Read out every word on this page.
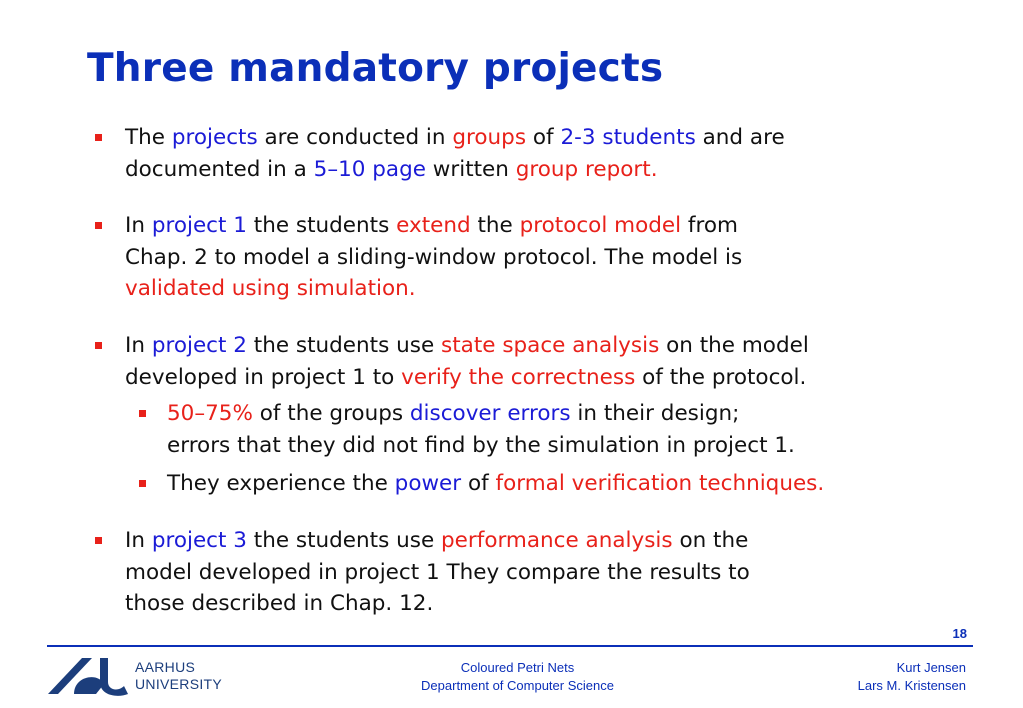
Three mandatory projects
The projects are conducted in groups of 2-3 students and are
documented in a 5–10 page written group report.
In project 1 the students extend the protocol model from
Chap. 2 to model a sliding-window protocol. The model is
validated using simulation.
In project 2 the students use state space analysis on the model
developed in project 1 to verify the correctness of the protocol.
50–75% of the groups discover errors in their design;
errors that they did not find by the simulation in project 1.
They experience the power of formal verification techniques.
In project 3 the students use performance analysis on the
model developed in project 1 They compare the results to
those described in Chap. 12.
18
AARHUS
UNIVERSITY
Coloured Petri Nets
Department of Computer Science
Kurt Jensen
Lars M. Kristensen
